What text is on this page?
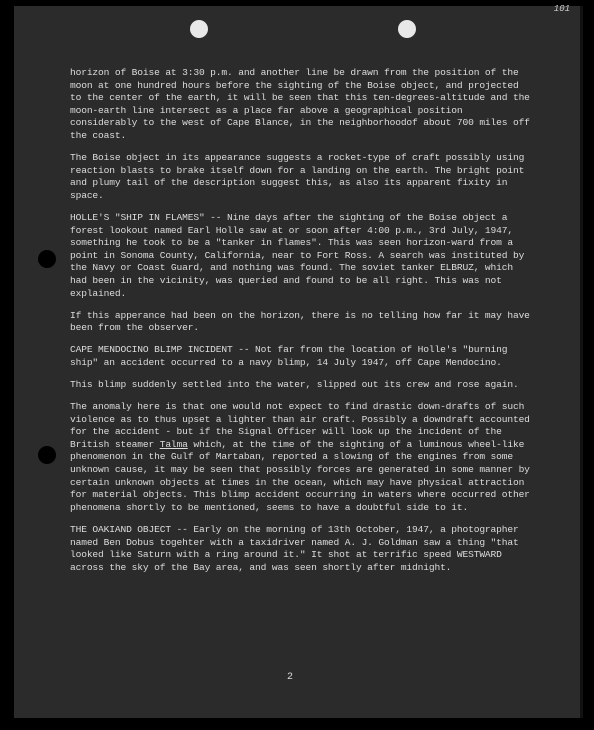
101

horizon of Boise at 3:30 p.m. and another line be drawn from the position of the moon at one hundred hours before the sighting of the Boise object, and projected to the center of the earth, it will be seen that this ten-degrees-altitude and the moon-earth line intersect as a place far above a geographical position considerably to the west of Cape Blance, in the neighborhoodof about 700 miles off the coast.

The Boise object in its appearance suggests a rocket-type of craft possibly using reaction blasts to brake itself down for a landing on the earth. The bright point and plumy tail of the description suggest this, as also its apparent fixity in space.

HOLLE'S "SHIP IN FLAMES" -- Nine days after the sighting of the Boise object a forest lookout named Earl Holle saw at or soon after 4:00 p.m., 3rd July, 1947, something he took to be a "tanker in flames". This was seen horizon-ward from a point in Sonoma County, California, near to Fort Ross. A search was instituted by the Navy or Coast Guard, and nothing was found. The soviet tanker ELBRUZ, which had been in the vicinity, was queried and found to be all right. This was not explained.

If this apperance had been on the horizon, there is no telling how far it may have been from the observer.

CAPE MENDOCINO BLIMP INCIDENT -- Not far from the location of Holle's "burning ship" an accident occurred to a navy blimp, 14 July 1947, off Cape Mendocino.

This blimp suddenly settled into the water, slipped out its crew and rose again.

The anomaly here is that one would not expect to find drastic down-drafts of such violence as to thus upset a lighter than air craft. Possibly a downdraft accounted for the accident - but if the Signal Officer will look up the incident of the British steamer Talma which, at the time of the sighting of a luminous wheel-like phenomenon in the Gulf of Martaban, reported a slowing of the engines from some unknown cause, it may be seen that possibly forces are generated in some manner by certain unknown objects at times in the ocean, which may have physical attraction for material objects. This blimp accident occurring in waters where occurred other phenomena shortly to be mentioned, seems to have a doubtful side to it.

THE OAKIAND OBJECT -- Early on the morning of 13th October, 1947, a photographer named Ben Dobus togehter with a taxidriver named A. J. Goldman saw a thing "that looked like Saturn with a ring around it." It shot at terrific speed WESTWARD across the sky of the Bay area, and was seen shortly after midnight.

2
